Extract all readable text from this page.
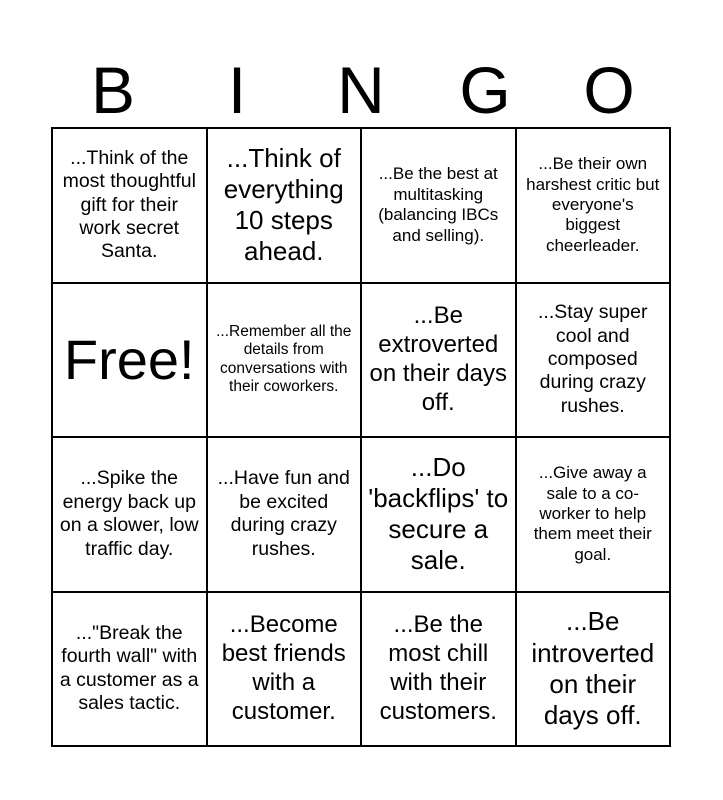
B	I	N	G	O
...Think of the most thoughtful gift for their work secret Santa.
...Think of everything 10 steps ahead.
...Be the best at multitasking (balancing IBCs and selling).
...Be their own harshest critic but everyone's biggest cheerleader.
Free! ...Remember all the details from conversations with their coworkers.
...Be extroverted on their days off.
...Stay super cool and composed during crazy rushes.
...Spike the energy back up on a slower, low traffic day.
...Have fun and be excited during crazy rushes.
...Do 'backflips' to secure a sale.
...Give away a sale to a co-worker to help them meet their goal.
..."Break the fourth wall" with a customer as a sales tactic.
...Become best friends with a customer.
...Be the most chill with their customers.
...Be introverted on their days off.
